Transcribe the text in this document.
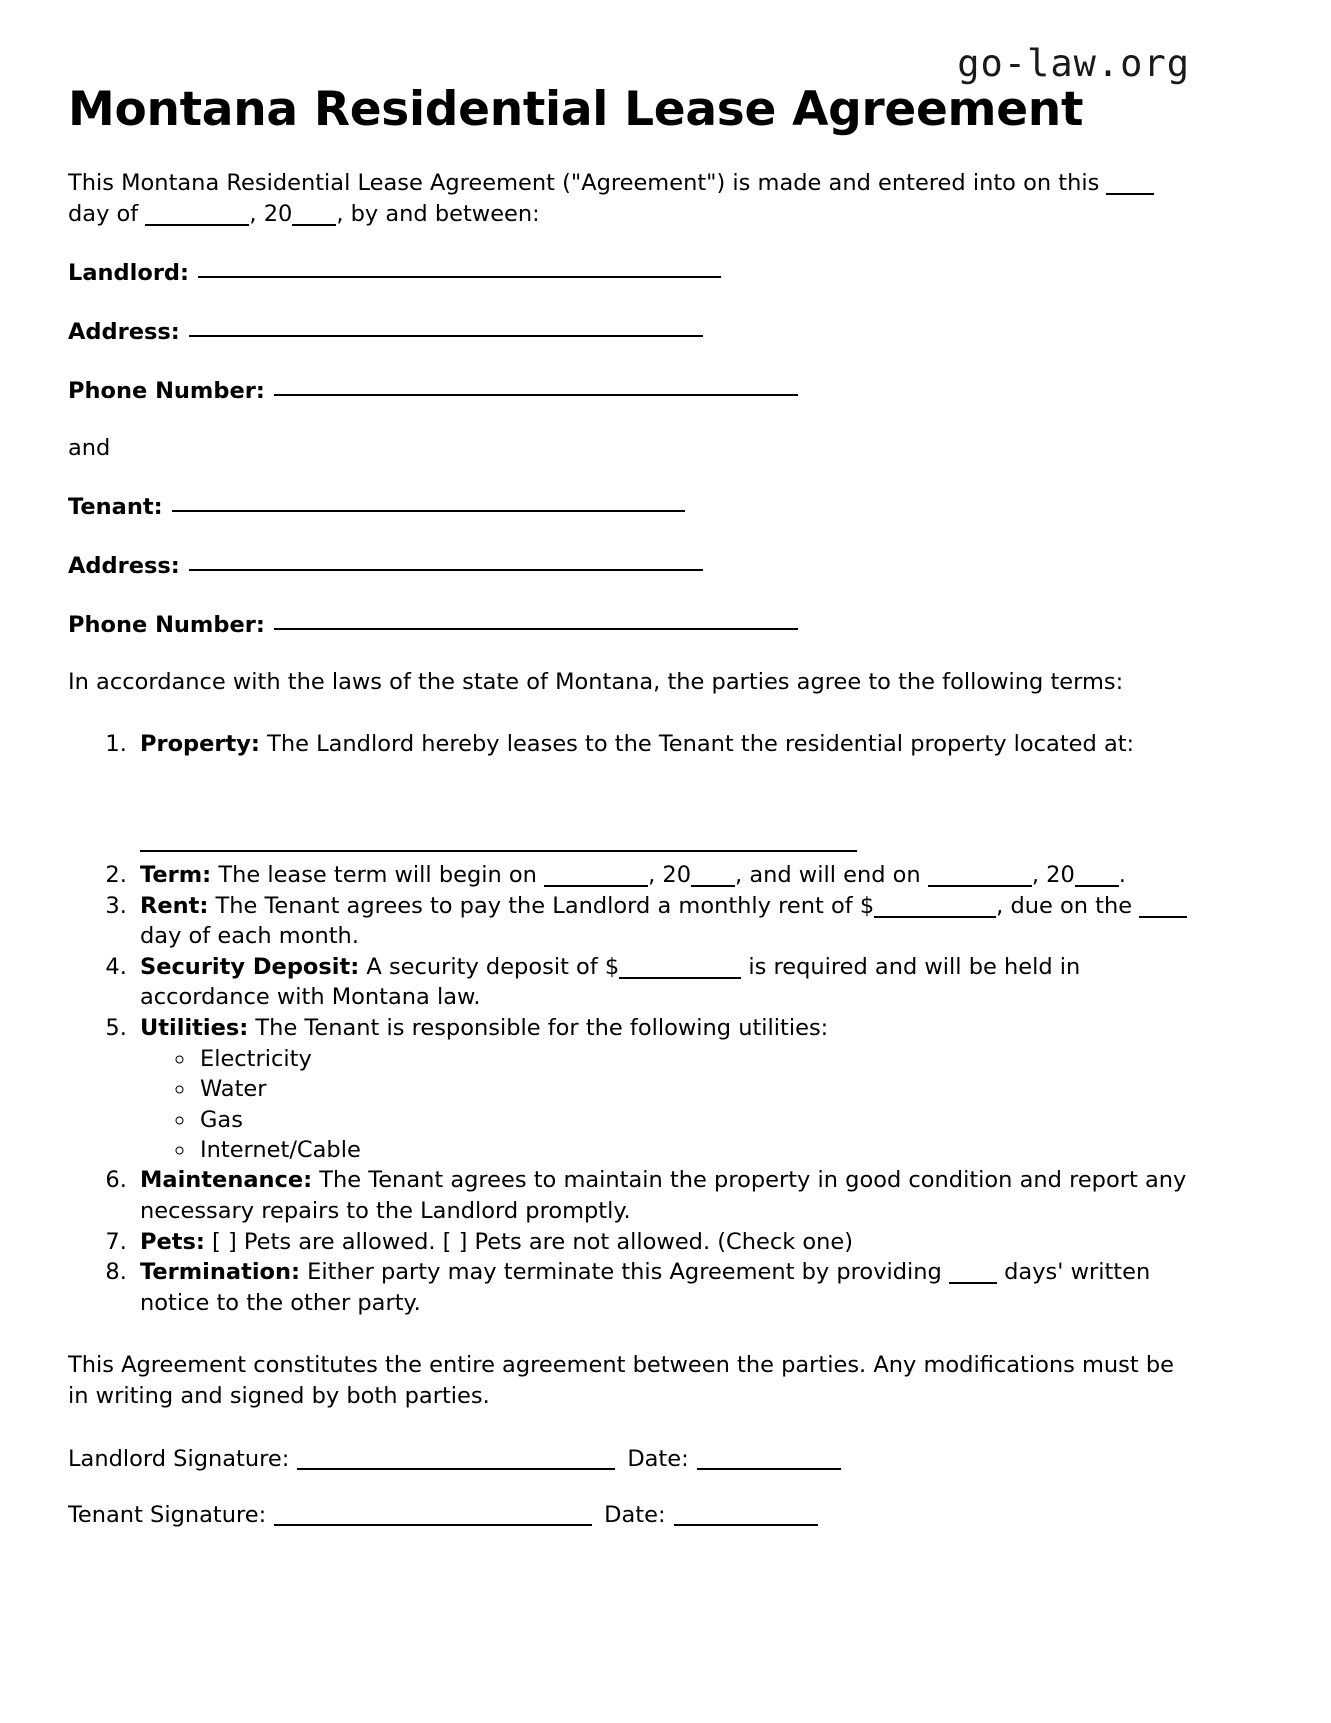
go-law.org
Montana Residential Lease Agreement

This Montana Residential Lease Agreement ("Agreement") is made and entered into on this  day of	, 20 , by and between:

Landlord:
Address:
Phone Number:

and

Tenant:
Address:
Phone Number:

In accordance with the laws of the state of Montana, the parties agree to the following terms:

1. Property: The Landlord hereby leases to the Tenant the residential property located at:
2. Term: The lease term will begin on	, 20 , and will end on	, 20 .
3. Rent: The Tenant agrees to pay the Landlord a monthly rent of $	, due on the  day of each month.
4. Security Deposit: A security deposit of $	is required and will be held in accordance with Montana law.
5. Utilities: The Tenant is responsible for the following utilities:
◦ Electricity
◦ Water
◦ Gas
◦ Internet/Cable
6. Maintenance: The Tenant agrees to maintain the property in good condition and report any necessary repairs to the Landlord promptly.
7. Pets: [ ] Pets are allowed. [ ] Pets are not allowed. (Check one)
8. Termination: Either party may terminate this Agreement by providing  days' written notice to the other party.

This Agreement constitutes the entire agreement between the parties. Any modifications must be in writing and signed by both parties.

Landlord Signature:	Date:
Tenant Signature:	Date:
